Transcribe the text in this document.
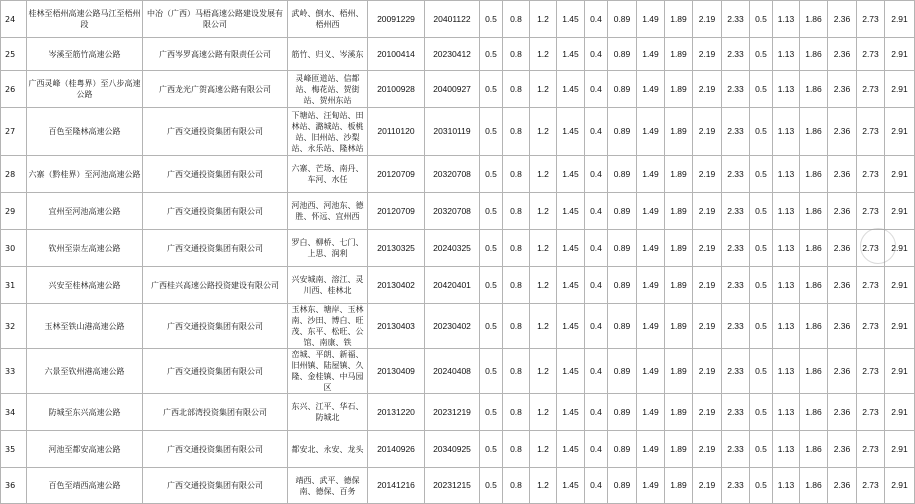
24	桂林至梧州高速公路马江至梧州段	中冶（广西）马梧高速公路建设发展有限公司	武岭、倒水、梧州、梧州西	20091229	20401122	0.5	0.8	1.2	1.45	0.4	0.89	1.49	1.89	2.19	2.33	0.5	1.13	1.86	2.36	2.73	2.91
25	岑溪至筋竹高速公路	广西岑罗高速公路有限责任公司	筋竹、归义、岑溪东	20100414	20230412	0.5	0.8	1.2	1.45	0.4	0.89	1.49	1.89	2.19	2.33	0.5	1.13	1.86	2.36	2.73	2.91
26	广西灵峰（桂粤界）至八步高速公路	广西龙光广贺高速公路有限公司	灵峰匝道站、信都站、梅花站、贺街站、贺州东站	20100928	20400927	0.5	0.8	1.2	1.45	0.4	0.89	1.49	1.89	2.19	2.33	0.5	1.13	1.86	2.36	2.73	2.91
27	百色至隆林高速公路	广西交通投资集团有限公司	下塘站、汪甸站、田林站、潞城站、板桃站、旧州站、沙梨站、永乐站、隆林站	20110120	20310119	0.5	0.8	1.2	1.45	0.4	0.89	1.49	1.89	2.19	2.33	0.5	1.13	1.86	2.36	2.73	2.91
28	六寨（黔桂界）至河池高速公路	广西交通投资集团有限公司	六寨、芒场、南丹、车河、水任	20120709	20320708	0.5	0.8	1.2	1.45	0.4	0.89	1.49	1.89	2.19	2.33	0.5	1.13	1.86	2.36	2.73	2.91
29	宜州至河池高速公路	广西交通投资集团有限公司	河池西、河池东、德胜、怀远、宜州西	20120709	20320708	0.5	0.8	1.2	1.45	0.4	0.89	1.49	1.89	2.19	2.33	0.5	1.13	1.86	2.36	2.73	2.91
30	钦州至崇左高速公路	广西交通投资集团有限公司	罗白、柳桥、七门、上思、润利	20130325	20240325	0.5	0.8	1.2	1.45	0.4	0.89	1.49	1.89	2.19	2.33	0.5	1.13	1.86	2.36	2.73	2.91
31	兴安至桂林高速公路	广西桂兴高速公路投资建设有限公司	兴安城南、溶江、灵川西、桂林北	20130402	20420401	0.5	0.8	1.2	1.45	0.4	0.89	1.49	1.89	2.19	2.33	0.5	1.13	1.86	2.36	2.73	2.91
32	玉林至铁山港高速公路	广西交通投资集团有限公司	玉林东、塘岸、玉林南、沙田、博白、旺茂、东平、松旺、公馆、南康、铁	20130403	20230402	0.5	0.8	1.2	1.45	0.4	0.89	1.49	1.89	2.19	2.33	0.5	1.13	1.86	2.36	2.73	2.91
33	六景至钦州港高速公路	广西交通投资集团有限公司	峦城、平朗、新福、旧州镇、陆屋镇、久隆、金桂镇、中马园区	20130409	20240408	0.5	0.8	1.2	1.45	0.4	0.89	1.49	1.89	2.19	2.33	0.5	1.13	1.86	2.36	2.73	2.91
34	防城至东兴高速公路	广西北部湾投资集团有限公司	东兴、江平、华石、防城北	20131220	20231219	0.5	0.8	1.2	1.45	0.4	0.89	1.49	1.89	2.19	2.33	0.5	1.13	1.86	2.36	2.73	2.91
35	河池至都安高速公路	广西交通投资集团有限公司	都安北、永安、龙头	20140926	20340925	0.5	0.8	1.2	1.45	0.4	0.89	1.49	1.89	2.19	2.33	0.5	1.13	1.86	2.36	2.73	2.91
36	百色至靖西高速公路	广西交通投资集团有限公司	靖西、武平、德保南、德保、百务	20141216	20231215	0.5	0.8	1.2	1.45	0.4	0.89	1.49	1.89	2.19	2.33	0.5	1.13	1.86	2.36	2.73	2.91
